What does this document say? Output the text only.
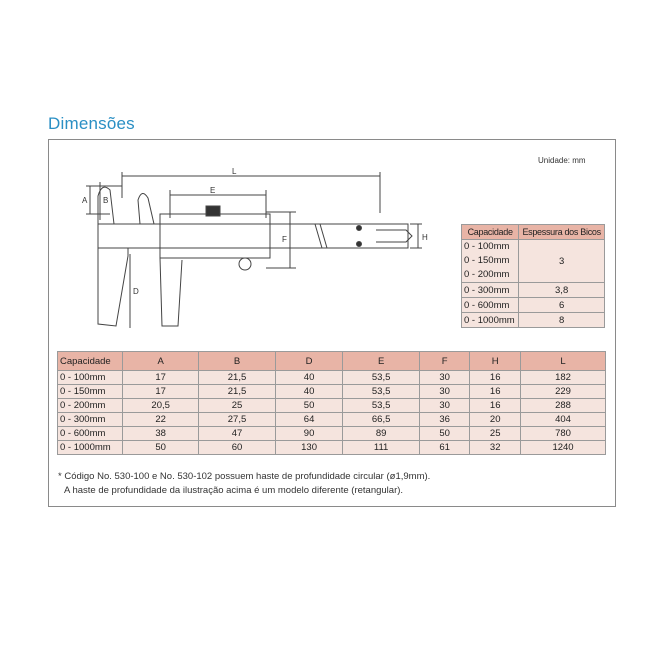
Dimensões
Unidade: mm
L
E
A B
D
F	H
Capacidade	Espessura dos Bicos

0 - 100mm
0 - 150mm
0 - 200mm	3
0 - 300mm	3,8
0 - 600mm	6
0 - 1000mm	8
Capacidade	A	B	D	E	F	H	L
0 - 100mm	17	21,5	40	53,5	30	16	182
0 - 150mm	17	21,5	40	53,5	30	16	229
0 - 200mm	20,5	25	50	53,5	30	16	288
0 - 300mm	22	27,5	64	66,5	36	20	404
0 - 600mm	38	47	90	89	50	25	780
0 - 1000mm	50	60	130	111	61	32	1240
* Código No. 530-100 e No. 530-102 possuem haste de profundidade circular (ø1,9mm).
A haste de profundidade da ilustração acima é um modelo diferente (retangular).
